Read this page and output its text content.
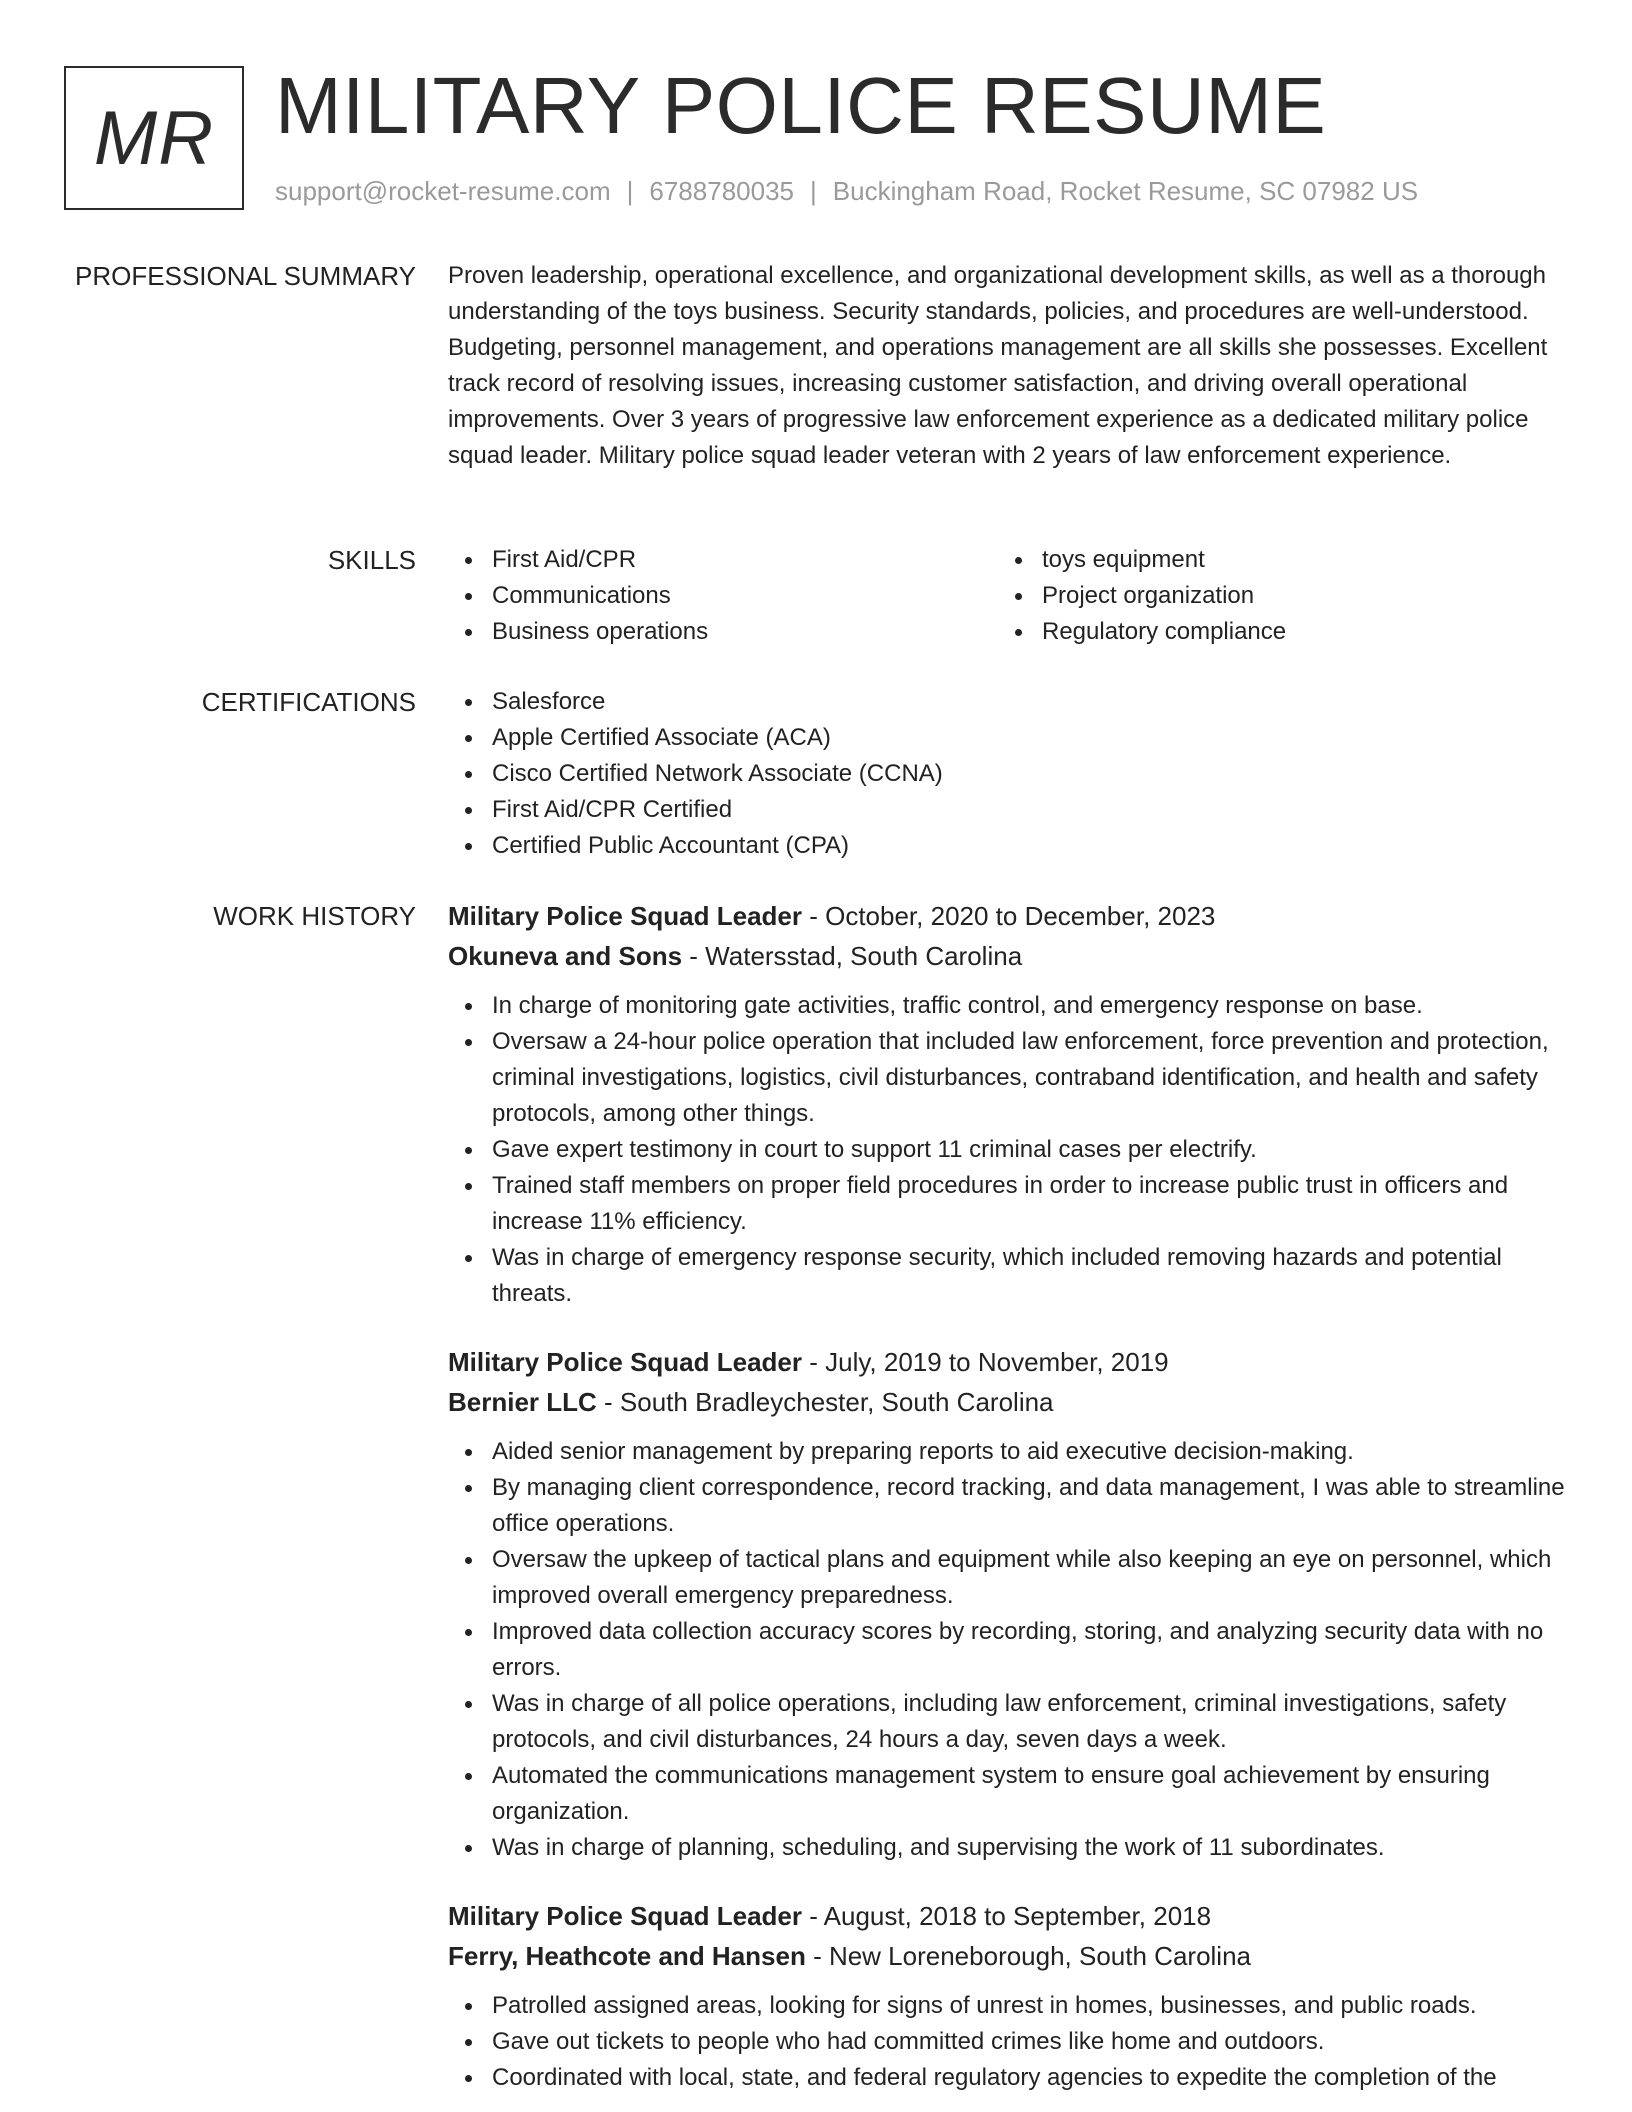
MR MILITARY POLICE RESUME
support@rocket-resume.com | 6788780035 | Buckingham Road, Rocket Resume, SC 07982 US
PROFESSIONAL SUMMARY Proven leadership, operational excellence, and organizational development skills, as well as a thorough understanding of the toys business. Security standards, policies, and procedures are well-understood. Budgeting, personnel management, and operations management are all skills she possesses. Excellent track record of resolving issues, increasing customer satisfaction, and driving overall operational improvements. Over 3 years of progressive law enforcement experience as a dedicated military police squad leader. Military police squad leader veteran with 2 years of law enforcement experience.

SKILLS	First Aid/CPR
Communications
Business operations
toys equipment
Project organization
Regulatory compliance
CERTIFICATIONS	Salesforce
Apple Certified Associate (ACA)
Cisco Certified Network Associate (CCNA)
First Aid/CPR Certified
Certified Public Accountant (CPA)
WORK HISTORY Military Police Squad Leader - October, 2020 to December, 2023
Okuneva and Sons - Watersstad, South Carolina
In charge of monitoring gate activities, traffic control, and emergency response on base.
Oversaw a 24-hour police operation that included law enforcement, force prevention and protection, criminal investigations, logistics, civil disturbances, contraband identification, and health and safety protocols, among other things.
Gave expert testimony in court to support 11 criminal cases per electrify.
Trained staff members on proper field procedures in order to increase public trust in officers and increase 11% efficiency.
Was in charge of emergency response security, which included removing hazards and potential threats.
Military Police Squad Leader - July, 2019 to November, 2019
Bernier LLC - South Bradleychester, South Carolina
Aided senior management by preparing reports to aid executive decision-making.
By managing client correspondence, record tracking, and data management, I was able to streamline office operations.
Oversaw the upkeep of tactical plans and equipment while also keeping an eye on personnel, which improved overall emergency preparedness.
Improved data collection accuracy scores by recording, storing, and analyzing security data with no errors.
Was in charge of all police operations, including law enforcement, criminal investigations, safety protocols, and civil disturbances, 24 hours a day, seven days a week.
Automated the communications management system to ensure goal achievement by ensuring organization.
Was in charge of planning, scheduling, and supervising the work of 11 subordinates.
Military Police Squad Leader - August, 2018 to September, 2018
Ferry, Heathcote and Hansen - New Loreneborough, South Carolina
Patrolled assigned areas, looking for signs of unrest in homes, businesses, and public roads.
Gave out tickets to people who had committed crimes like home and outdoors.
Coordinated with local, state, and federal regulatory agencies to expedite the completion of the
